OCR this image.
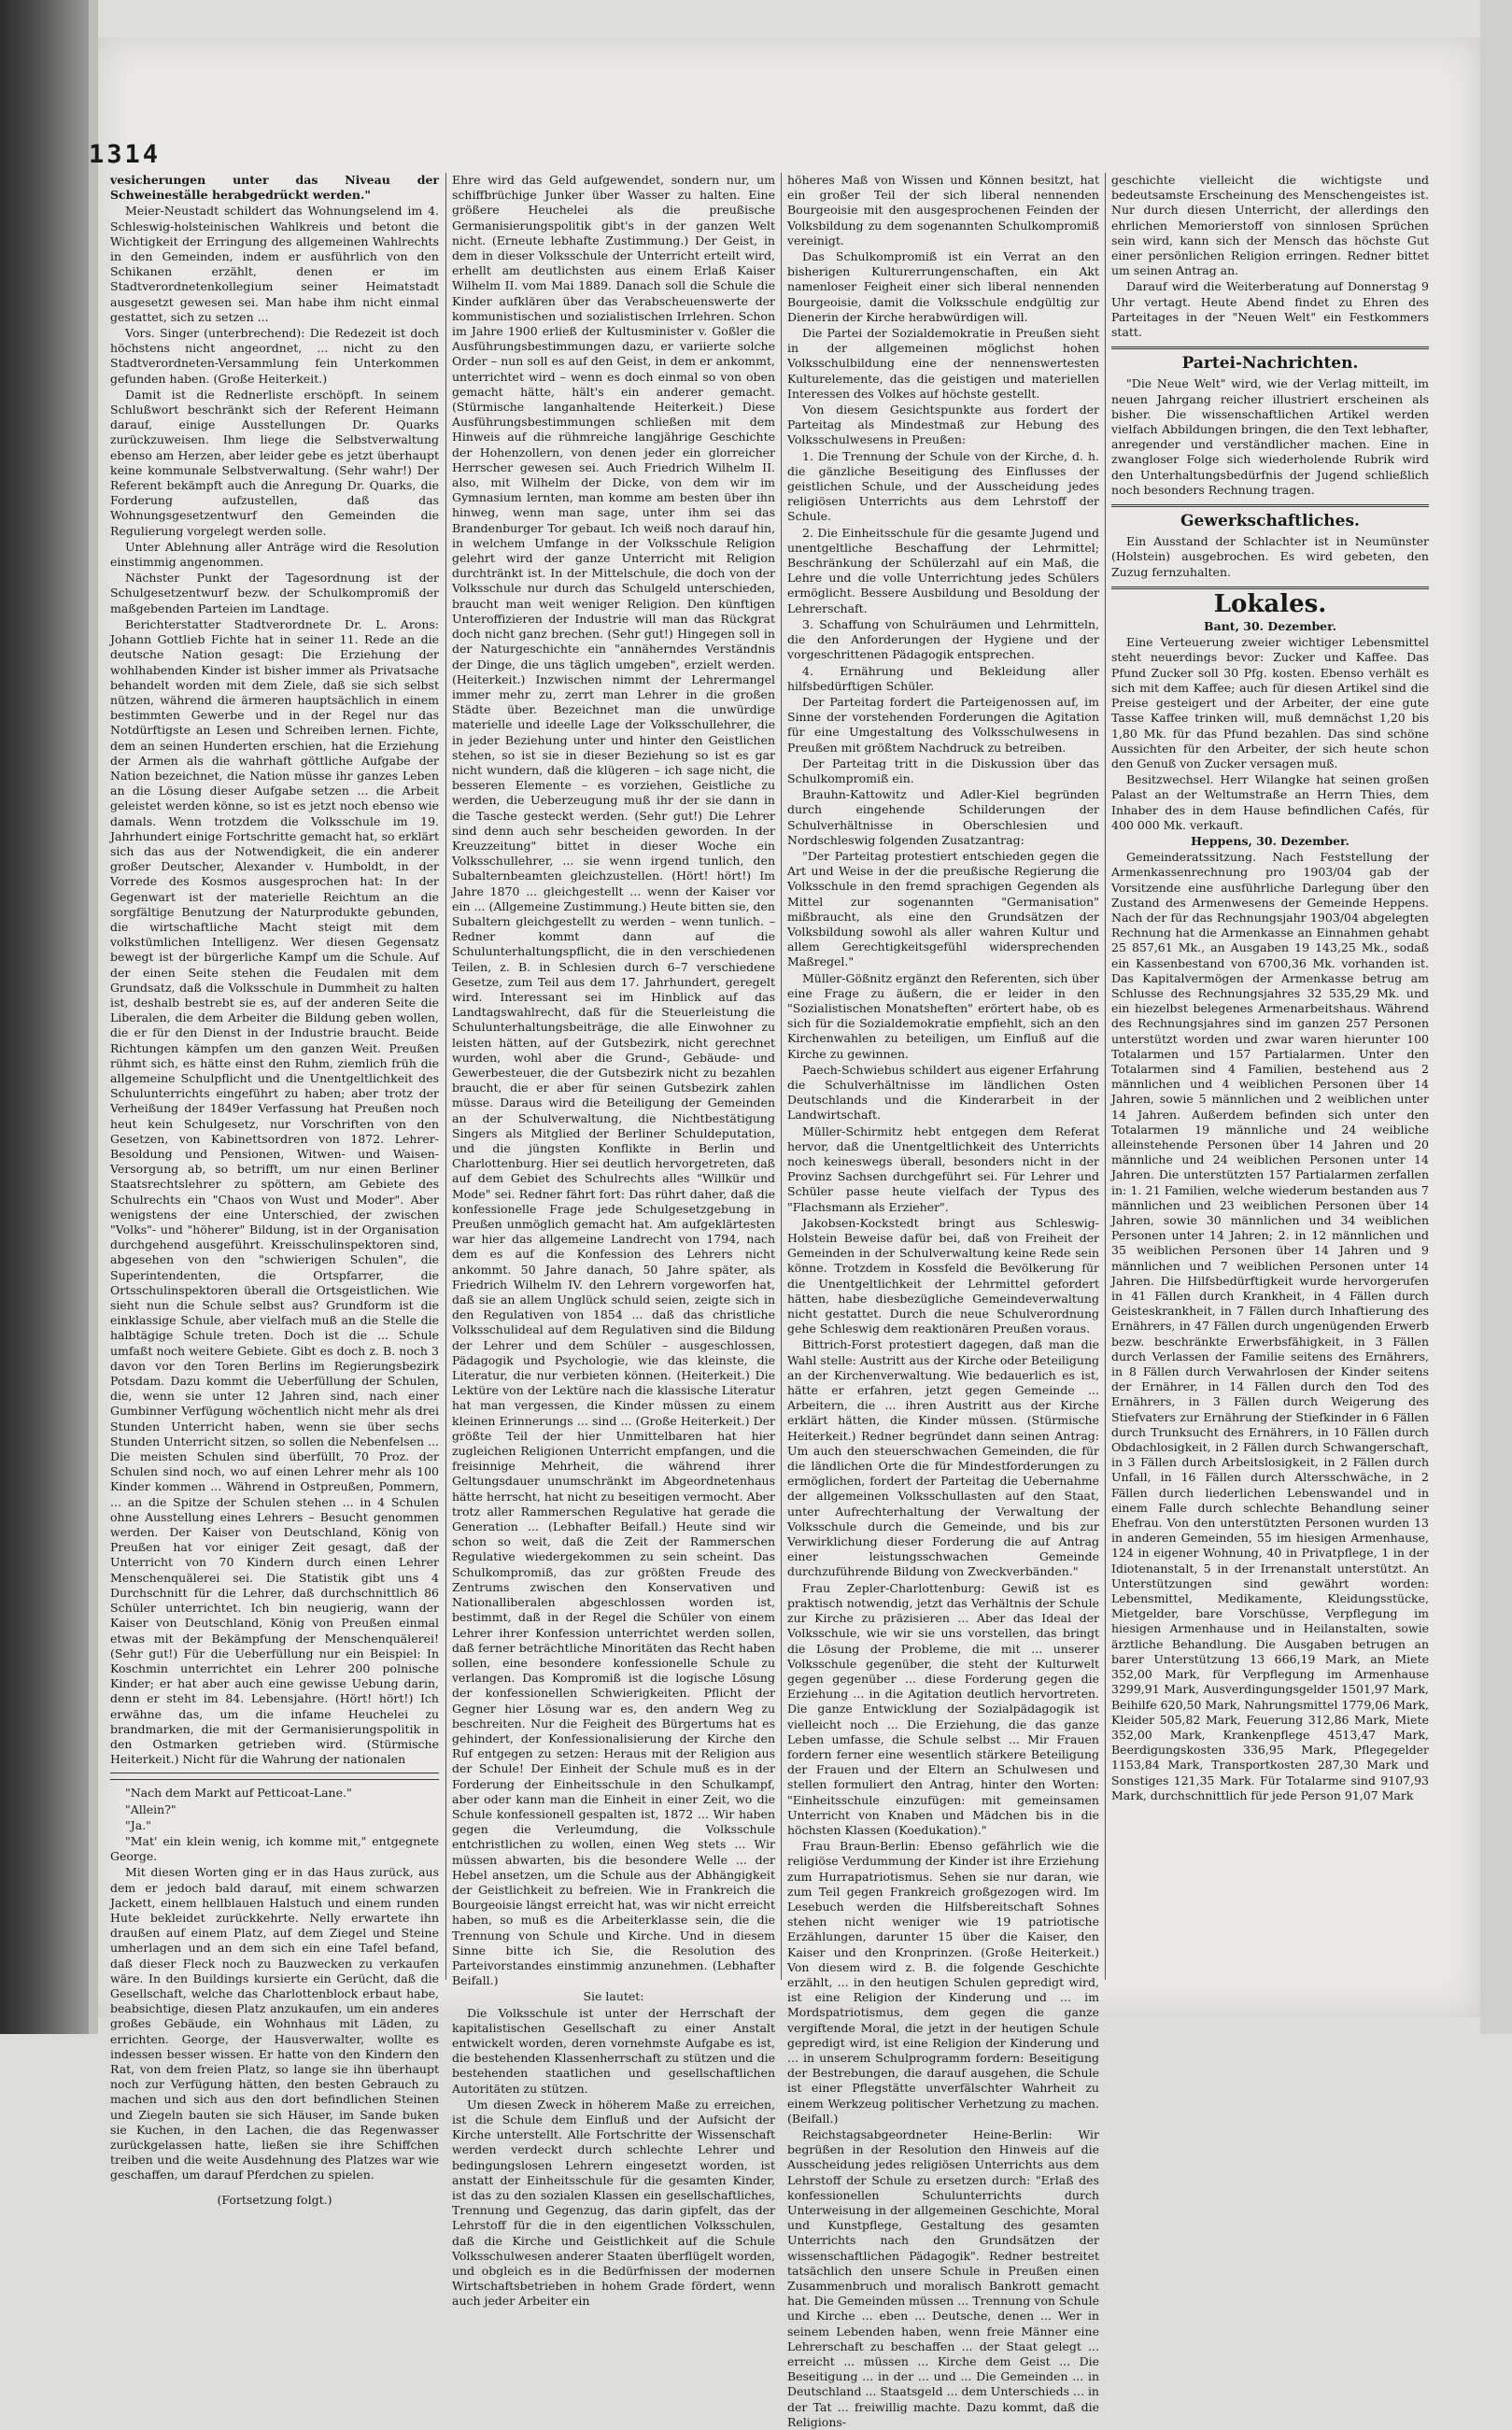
1314

vesicherungen unter das Niveau der Schweineställe herabgedrückt werden."

Meier-Neustadt schildert das Wohnungselend im 4. Schleswig-holsteinischen Wahlkreis und betont die Wichtigkeit der Erringung des allgemeinen Wahlrechts in den Gemeinden, indem er ausführlich von den Schikanen erzählt, denen er im Stadtverordnetenkollegium seiner Heimatstadt ausgesetzt gewesen sei. Man habe ihm nicht einmal gestattet, sich zu setzen ...

Vors. Singer (unterbrechend): Die Redezeit ist doch höchstens nicht angeordnet, ... nicht zu den Stadtverordneten-Versammlung fein Unterkommen gefunden haben. (Große Heiterkeit.)

Damit ist die Rednerliste erschöpft. In seinem Schlußwort beschränkt sich der Referent Heimann darauf, einige Ausstellungen Dr. Quarks zurückzuweisen. Ihm liege die Selbstverwaltung ebenso am Herzen, aber leider gebe es jetzt überhaupt keine kommunale Selbstverwaltung. (Sehr wahr!) Der Referent bekämpft auch die Anregung Dr. Quarks, die Forderung aufzustellen, daß das Wohnungsgesetzentwurf den Gemeinden die Regulierung vorgelegt werden solle.

Unter Ablehnung aller Anträge wird die Resolution einstimmig angenommen.

Nächster Punkt der Tagesordnung ist der Schulgesetzentwurf bezw. der Schulkompromiß der maßgebenden Parteien im Landtage.

Berichterstatter Stadtverordnete Dr. L. Arons: Johann Gottlieb Fichte hat in seiner 11. Rede an die deutsche Nation gesagt: Die Erziehung der wohlhabenden Kinder ist bisher immer als Privatsache behandelt worden mit dem Ziele, daß sie sich selbst nützen, während die ärmeren hauptsächlich in einem bestimmten Gewerbe und in der Regel nur das Notdürftigste an Lesen und Schreiben lernen. Fichte, dem an seinen Hunderten erschien, hat die Erziehung der Armen als die wahrhaft göttliche Aufgabe der Nation bezeichnet, die Nation müsse ihr ganzes Leben an die Lösung dieser Aufgabe setzen ... die Arbeit geleistet werden könne, so ist es jetzt noch ebenso wie damals. Wenn trotzdem die Volksschule im 19. Jahrhundert einige Fortschritte gemacht hat, so erklärt sich das aus der Notwendigkeit, die ein anderer großer Deutscher, Alexander v. Humboldt, in der Vorrede des Kosmos ausgesprochen hat: In der Gegenwart ist der materielle Reichtum an die sorgfältige Benutzung der Naturprodukte gebunden, die wirtschaftliche Macht steigt mit dem volkstümlichen Intelligenz. Wer diesen Gegensatz bewegt ist der bürgerliche Kampf um die Schule. Auf der einen Seite stehen die Feudalen mit dem Grundsatz, daß die Volksschule in Dummheit zu halten ist, deshalb bestrebt sie es, auf der anderen Seite die Liberalen, die dem Arbeiter die Bildung geben wollen, die er für den Dienst in der Industrie braucht. Beide Richtungen kämpfen um den ganzen Weit. Preußen rühmt sich, es hätte einst den Ruhm, ziemlich früh die allgemeine Schulpflicht und die Unentgeltlichkeit des Schulunterrichts eingeführt zu haben; aber trotz der Verheißung der 1849er Verfassung hat Preußen noch heut kein Schulgesetz, nur Vorschriften von den Gesetzen, von Kabinettsordren von 1872. Lehrer-Besoldung und Pensionen, Witwen- und Waisen-Versorgung ab, so betrifft, um nur einen Berliner Staatsrechtslehrer zu spöttern, am Gebiete des Schulrechts ein "Chaos von Wust und Moder". Aber wenigstens der eine Unterschied, der zwischen "Volks"- und "höherer" Bildung, ist in der Organisation durchgehend ausgeführt. Kreisschulinspektoren sind, abgesehen von den "schwierigen Schulen", die Superintendenten, die Ortspfarrer, die Ortsschulinspektoren überall die Ortsgeistlichen. Wie sieht nun die Schule selbst aus? Grundform ist die einklassige Schule, aber vielfach muß an die Stelle die halbtägige Schule treten. Doch ist die ... Schule umfaßt noch weitere Gebiete. Gibt es doch z. B. noch 3 davon vor den Toren Berlins im Regierungsbezirk Potsdam. Dazu kommt die Ueberfüllung der Schulen, die, wenn sie unter 12 Jahren sind, nach einer Gumbinner Verfügung wöchentlich nicht mehr als drei Stunden Unterricht haben, wenn sie über sechs Stunden Unterricht sitzen, so sollen die Nebenfelsen ... Die meisten Schulen sind überfüllt, 70 Proz. der Schulen sind noch, wo auf einen Lehrer mehr als 100 Kinder kommen ... Während in Ostpreußen, Pommern, ... an die Spitze der Schulen stehen ... in 4 Schulen ohne Ausstellung eines Lehrers – Besucht genommen werden. Der Kaiser von Deutschland, König von Preußen hat vor einiger Zeit gesagt, daß der Unterricht von 70 Kindern durch einen Lehrer Menschenquälerei sei. Die Statistik gibt uns 4 Durchschnitt für die Lehrer, daß durchschnittlich 86 Schüler unterrichtet. Ich bin neugierig, wann der Kaiser von Deutschland, König von Preußen einmal etwas mit der Bekämpfung der Menschenquälerei! (Sehr gut!) Für die Ueberfüllung nur ein Beispiel: In Koschmin unterrichtet ein Lehrer 200 polnische Kinder; er hat aber auch eine gewisse Uebung darin, denn er steht im 84. Lebensjahre. (Hört! hört!) Ich erwähne das, um die infame Heuchelei zu brandmarken, die mit der Germanisierungspolitik in den Ostmarken getrieben wird. (Stürmische Heiterkeit.) Nicht für die Wahrung der nationalen

"Nach dem Markt auf Petticoat-Lane."

"Allein?"

"Ja."

"Mat' ein klein wenig, ich komme mit," entgegnete George.

Mit diesen Worten ging er in das Haus zurück, aus dem er jedoch bald darauf, mit einem schwarzen Jackett, einem hellblauen Halstuch und einem runden Hute bekleidet zurückkehrte. Nelly erwartete ihn draußen auf einem Platz, auf dem Ziegel und Steine umherlagen und an dem sich ein eine Tafel befand, daß dieser Fleck noch zu Bauzwecken zu verkaufen wäre. In den Buildings kursierte ein Gerücht, daß die Gesellschaft, welche das Charlottenblock erbaut habe, beabsichtige, diesen Platz anzukaufen, um ein anderes großes Gebäude, ein Wohnhaus mit Läden, zu errichten. George, der Hausverwalter, wollte es indessen besser wissen. Er hatte von den Kindern den Rat, von dem freien Platz, so lange sie ihn überhaupt noch zur Verfügung hätten, den besten Gebrauch zu machen und sich aus den dort befindlichen Steinen und Ziegeln bauten sie sich Häuser, im Sande buken sie Kuchen, in den Lachen, die das Regenwasser zurückgelassen hatte, ließen sie ihre Schiffchen treiben und die weite Ausdehnung des Platzes war wie geschaffen, um darauf Pferdchen zu spielen.

(Fortsetzung folgt.)

Ehre wird das Geld aufgewendet, sondern nur, um schiffbrüchige Junker über Wasser zu halten. Eine größere Heuchelei als die preußische Germanisierungspolitik gibt's in der ganzen Welt nicht. (Erneute lebhafte Zustimmung.) Der Geist, in dem in dieser Volksschule der Unterricht erteilt wird, erhellt am deutlichsten aus einem Erlaß Kaiser Wilhelm II. vom Mai 1889. Danach soll die Schule die Kinder aufklären über das Verabscheuenswerte der kommunistischen und sozialistischen Irrlehren. Schon im Jahre 1900 erließ der Kultusminister v. Goßler die Ausführungsbestimmungen dazu, er variierte solche Order – nun soll es auf den Geist, in dem er ankommt, unterrichtet wird – wenn es doch einmal so von oben gemacht hätte, hält's ein anderer gemacht. (Stürmische langanhaltende Heiterkeit.) Diese Ausführungsbestimmungen schließen mit dem Hinweis auf die rühmreiche langjährige Geschichte der Hohenzollern, von denen jeder ein glorreicher Herrscher gewesen sei. Auch Friedrich Wilhelm II. also, mit Wilhelm der Dicke, von dem wir im Gymnasium lernten, man komme am besten über ihn hinweg, wenn man sage, unter ihm sei das Brandenburger Tor gebaut. Ich weiß noch darauf hin, in welchem Umfange in der Volksschule Religion gelehrt wird der ganze Unterricht mit Religion durchtränkt ist. In der Mittelschule, die doch von der Volksschule nur durch das Schulgeld unterschieden, braucht man weit weniger Religion. Den künftigen Unteroffizieren der Industrie will man das Rückgrat doch nicht ganz brechen. (Sehr gut!) Hingegen soll in der Naturgeschichte ein "annäherndes Verständnis der Dinge, die uns täglich umgeben", erzielt werden. (Heiterkeit.) Inzwischen nimmt der Lehrermangel immer mehr zu, zerrt man Lehrer in die großen Städte über. Bezeichnet man die unwürdige materielle und ideelle Lage der Volksschullehrer, die in jeder Beziehung unter und hinter den Geistlichen stehen, so ist sie in dieser Beziehung so ist es gar nicht wundern, daß die klügeren – ich sage nicht, die besseren Elemente – es vorziehen, Geistliche zu werden, die Ueberzeugung muß ihr der sie dann in die Tasche gesteckt werden. (Sehr gut!) Die Lehrer sind denn auch sehr bescheiden geworden. In der Kreuzzeitung" bittet in dieser Woche ein Volksschullehrer, ... sie wenn irgend tunlich, den Subalternbeamten gleichzustellen. (Hört! hört!) Im Jahre 1870 ... gleichgestellt ... wenn der Kaiser vor ein ... (Allgemeine Zustimmung.) Heute bitten sie, den Subaltern gleichgestellt zu werden – wenn tunlich. – Redner kommt dann auf die Schulunterhaltungspflicht, die in den verschiedenen Teilen, z. B. in Schlesien durch 6–7 verschiedene Gesetze, zum Teil aus dem 17. Jahrhundert, geregelt wird. Interessant sei im Hinblick auf das Landtagswahlrecht, daß für die Steuerleistung die Schulunterhaltungsbeiträge, die alle Einwohner zu leisten hätten, auf der Gutsbezirk, nicht gerechnet wurden, wohl aber die Grund-, Gebäude- und Gewerbesteuer, die der Gutsbezirk nicht zu bezahlen braucht, die er aber für seinen Gutsbezirk zahlen müsse. Daraus wird die Beteiligung der Gemeinden an der Schulverwaltung, die Nichtbestätigung Singers als Mitglied der Berliner Schuldeputation, und die jüngsten Konflikte in Berlin und Charlottenburg. Hier sei deutlich hervorgetreten, daß auf dem Gebiet des Schulrechts alles "Willkür und Mode" sei. Redner fährt fort: Das rührt daher, daß die konfessionelle Frage jede Schulgesetzgebung in Preußen unmöglich gemacht hat. Am aufgeklärtesten war hier das allgemeine Landrecht von 1794, nach dem es auf die Konfession des Lehrers nicht ankommt. 50 Jahre danach, 50 Jahre später, als Friedrich Wilhelm IV. den Lehrern vorgeworfen hat, daß sie an allem Unglück schuld seien, zeigte sich in den Regulativen von 1854 ... daß das christliche Volksschulideal auf dem Regulativen sind die Bildung der Lehrer und dem Schüler – ausgeschlossen, Pädagogik und Psychologie, wie das kleinste, die Literatur, die nur verbieten können. (Heiterkeit.) Die Lektüre von der Lektüre nach die klassische Literatur hat man vergessen, die Kinder müssen zu einem kleinen Erinnerungs ... sind ... (Große Heiterkeit.) Der größte Teil der hier Unmittelbaren hat hier zugleichen Religionen Unterricht empfangen, und die freisinnige Mehrheit, die während ihrer Geltungsdauer unumschränkt im Abgeordnetenhaus hätte herrscht, hat nicht zu beseitigen vermocht. Aber trotz aller Rammerschen Regulative hat gerade die Generation ... (Lebhafter Beifall.) Heute sind wir schon so weit, daß die Zeit der Rammerschen Regulative wiedergekommen zu sein scheint. Das Schulkompromiß, das zur größten Freude des Zentrums zwischen den Konservativen und Nationalliberalen abgeschlossen worden ist, bestimmt, daß in der Regel die Schüler von einem Lehrer ihrer Konfession unterrichtet werden sollen, daß ferner beträchtliche Minoritäten das Recht haben sollen, eine besondere konfessionelle Schule zu verlangen. Das Kompromiß ist die logische Lösung der konfessionellen Schwierigkeiten. Pflicht der Gegner hier Lösung war es, den andern Weg zu beschreiten. Nur die Feigheit des Bürgertums hat es gehindert, der Konfessionalisierung der Kirche den Ruf entgegen zu setzen: Heraus mit der Religion aus der Schule! Der Einheit der Schule muß es in der Forderung der Einheitsschule in den Schulkampf, aber oder kann man die Einheit in einer Zeit, wo die Schule konfessionell gespalten ist, 1872 ... Wir haben gegen die Verleumdung, die Volksschule entchristlichen zu wollen, einen Weg stets ... Wir müssen abwarten, bis die besondere Welle ... der Hebel ansetzen, um die Schule aus der Abhängigkeit der Geistlichkeit zu befreien. Wie in Frankreich die Bourgeoisie längst erreicht hat, was wir nicht erreicht haben, so muß es die Arbeiterklasse sein, die die Trennung von Schule und Kirche. Und in diesem Sinne bitte ich Sie, die Resolution des Parteivorstandes einstimmig anzunehmen. (Lebhafter Beifall.)

Sie lautet:

Die Volksschule ist unter der Herrschaft der kapitalistischen Gesellschaft zu einer Anstalt entwickelt worden, deren vornehmste Aufgabe es ist, die bestehenden Klassenherrschaft zu stützen und die bestehenden staatlichen und gesellschaftlichen Autoritäten zu stützen.

Um diesen Zweck in höherem Maße zu erreichen, ist die Schule dem Einfluß und der Aufsicht der Kirche unterstellt. Alle Fortschritte der Wissenschaft werden verdeckt durch schlechte Lehrer und bedingungslosen Lehrern eingesetzt worden, ist anstatt der Einheitsschule für die gesamten Kinder, ist das zu den sozialen Klassen ein gesellschaftliches, Trennung und Gegenzug, das darin gipfelt, das der Lehrstoff für die in den eigentlichen Volksschulen, daß die Kirche und Geistlichkeit auf die Schule Volksschulwesen anderer Staaten überflügelt worden, und obgleich es in die Bedürfnissen der modernen Wirtschaftsbetrieben in hohem Grade fördert, wenn auch jeder Arbeiter ein

höheres Maß von Wissen und Können besitzt, hat ein großer Teil der sich liberal nennenden Bourgeoisie mit den ausgesprochenen Feinden der Volksbildung zu dem sogenannten Schulkompromiß vereinigt.

Das Schulkompromiß ist ein Verrat an den bisherigen Kulturerrungenschaften, ein Akt namenloser Feigheit einer sich liberal nennenden Bourgeoisie, damit die Volksschule endgültig zur Dienerin der Kirche herabwürdigen will.

Die Partei der Sozialdemokratie in Preußen sieht in der allgemeinen möglichst hohen Volksschulbildung eine der nennenswertesten Kulturelemente, das die geistigen und materiellen Interessen des Volkes auf höchste gestellt.

Von diesem Gesichtspunkte aus fordert der Parteitag als Mindestmaß zur Hebung des Volksschulwesens in Preußen:

1. Die Trennung der Schule von der Kirche, d. h. die gänzliche Beseitigung des Einflusses der geistlichen Schule, und der Ausscheidung jedes religiösen Unterrichts aus dem Lehrstoff der Schule.

2. Die Einheitsschule für die gesamte Jugend und unentgeltliche Beschaffung der Lehrmittel; Beschränkung der Schülerzahl auf ein Maß, die Lehre und die volle Unterrichtung jedes Schülers ermöglicht. Bessere Ausbildung und Besoldung der Lehrerschaft.

3. Schaffung von Schulräumen und Lehrmitteln, die den Anforderungen der Hygiene und der vorgeschrittenen Pädagogik entsprechen.

4. Ernährung und Bekleidung aller hilfsbedürftigen Schüler.

Der Parteitag fordert die Parteigenossen auf, im Sinne der vorstehenden Forderungen die Agitation für eine Umgestaltung des Volksschulwesens in Preußen mit größtem Nachdruck zu betreiben.

Der Parteitag tritt in die Diskussion über das Schulkompromiß ein.

Brauhn-Kattowitz und Adler-Kiel begründen durch eingehende Schilderungen der Schulverhältnisse in Oberschlesien und Nordschleswig folgenden Zusatzantrag:

"Der Parteitag protestiert entschieden gegen die Art und Weise in der die preußische Regierung die Volksschule in den fremd sprachigen Gegenden als Mittel zur sogenannten "Germanisation" mißbraucht, als eine den Grundsätzen der Volksbildung sowohl als aller wahren Kultur und allem Gerechtigkeitsgefühl widersprechenden Maßregel."

Müller-Gößnitz ergänzt den Referenten, sich über eine Frage zu äußern, die er leider in den "Sozialistischen Monatsheften" erörtert habe, ob es sich für die Sozialdemokratie empfiehlt, sich an den Kirchenwahlen zu beteiligen, um Einfluß auf die Kirche zu gewinnen.

Paech-Schwiebus schildert aus eigener Erfahrung die Schulverhältnisse im ländlichen Osten Deutschlands und die Kinderarbeit in der Landwirtschaft.

Müller-Schirmitz hebt entgegen dem Referat hervor, daß die Unentgeltlichkeit des Unterrichts noch keineswegs überall, besonders nicht in der Provinz Sachsen durchgeführt sei. Für Lehrer und Schüler passe heute vielfach der Typus des "Flachsmann als Erzieher".

Jakobsen-Kockstedt bringt aus Schleswig-Holstein Beweise dafür bei, daß von Freiheit der Gemeinden in der Schulverwaltung keine Rede sein könne. Trotzdem in Kossfeld die Bevölkerung für die Unentgeltlichkeit der Lehrmittel gefordert hätten, habe diesbezügliche Gemeindeverwaltung nicht gestattet. Durch die neue Schulverordnung gehe Schleswig dem reaktionären Preußen voraus.

Bittrich-Forst protestiert dagegen, daß man die Wahl stelle: Austritt aus der Kirche oder Beteiligung an der Kirchenverwaltung. Wie bedauerlich es ist, hätte er erfahren, jetzt gegen Gemeinde ... Arbeitern, die ... ihren Austritt aus der Kirche erklärt hätten, die Kinder müssen. (Stürmische Heiterkeit.) Redner begründet dann seinen Antrag: Um auch den steuerschwachen Gemeinden, die für die ländlichen Orte die für Mindestforderungen zu ermöglichen, fordert der Parteitag die Uebernahme der allgemeinen Volksschullasten auf den Staat, unter Aufrechterhaltung der Verwaltung der Volksschule durch die Gemeinde, und bis zur Verwirklichung dieser Forderung die auf Antrag einer leistungsschwachen Gemeinde durchzuführende Bildung von Zweckverbänden."

Frau Zepler-Charlottenburg: Gewiß ist es praktisch notwendig, jetzt das Verhältnis der Schule zur Kirche zu präzisieren ... Aber das Ideal der Volksschule, wie wir sie uns vorstellen, das bringt die Lösung der Probleme, die mit ... unserer Volksschule gegenüber, die steht der Kulturwelt gegen gegenüber ... diese Forderung gegen die Erziehung ... in die Agitation deutlich hervortreten. Die ganze Entwicklung der Sozialpädagogik ist vielleicht noch ... Die Erziehung, die das ganze Leben umfasse, die Schule selbst ... Mir Frauen fordern ferner eine wesentlich stärkere Beteiligung der Frauen und der Eltern an Schulwesen und stellen formuliert den Antrag, hinter den Worten: "Einheitsschule einzufügen: mit gemeinsamen Unterricht von Knaben und Mädchen bis in die höchsten Klassen (Koedukation)."

Frau Braun-Berlin: Ebenso gefährlich wie die religiöse Verdummung der Kinder ist ihre Erziehung zum Hurrapatriotismus. Sehen sie nur daran, wie zum Teil gegen Frankreich großgezogen wird. Im Lesebuch werden die Hilfsbereitschaft Sohnes stehen nicht weniger wie 19 patriotische Erzählungen, darunter 15 über die Kaiser, den Kaiser und den Kronprinzen. (Große Heiterkeit.) Von diesem wird z. B. die folgende Geschichte erzählt, ... in den heutigen Schulen gepredigt wird, ist eine Religion der Kinderung und ... im Mordspatriotismus, dem gegen die ganze vergiftende Moral, die jetzt in der heutigen Schule gepredigt wird, ist eine Religion der Kinderung und ... in unserem Schulprogramm fordern: Beseitigung der Bestrebungen, die darauf ausgehen, die Schule ist einer Pflegstätte unverfälschter Wahrheit zu einem Werkzeug politischer Verhetzung zu machen. (Beifall.)

Reichstagsabgeordneter Heine-Berlin: Wir begrüßen in der Resolution den Hinweis auf die Ausscheidung jedes religiösen Unterrichts aus dem Lehrstoff der Schule zu ersetzen durch: "Erlaß des konfessionellen Schulunterrichts durch Unterweisung in der allgemeinen Geschichte, Moral und Kunstpflege, Gestaltung des gesamten Unterrichts nach den Grundsätzen der wissenschaftlichen Pädagogik". Redner bestreitet tatsächlich den unsere Schule in Preußen einen Zusammenbruch und moralisch Bankrott gemacht hat. Die Gemeinden müssen ... Trennung von Schule und Kirche ... eben ... Deutsche, denen ... Wer in seinem Lebenden haben, wenn freie Männer eine Lehrerschaft zu beschaffen ... der Staat gelegt ... erreicht ... müssen ... Kirche dem Geist ... Die Beseitigung ... in der ... und ... Die Gemeinden ... in Deutschland ... Staatsgeld ... dem Unterschieds ... in der Tat ... freiwillig machte. Dazu kommt, daß die Religions-

geschichte vielleicht die wichtigste und bedeutsamste Erscheinung des Menschengeistes ist. Nur durch diesen Unterricht, der allerdings den ehrlichen Memorierstoff von sinnlosen Sprüchen sein wird, kann sich der Mensch das höchste Gut einer persönlichen Religion erringen. Redner bittet um seinen Antrag an.

Darauf wird die Weiterberatung auf Donnerstag 9 Uhr vertagt. Heute Abend findet zu Ehren des Parteitages in der "Neuen Welt" ein Festkommers statt.

Partei-Nachrichten.

"Die Neue Welt" wird, wie der Verlag mitteilt, im neuen Jahrgang reicher illustriert erscheinen als bisher. Die wissenschaftlichen Artikel werden vielfach Abbildungen bringen, die den Text lebhafter, anregender und verständlicher machen. Eine in zwangloser Folge sich wiederholende Rubrik wird den Unterhaltungsbedürfnis der Jugend schließlich noch besonders Rechnung tragen.

Gewerkschaftliches.

Ein Ausstand der Schlachter ist in Neumünster (Holstein) ausgebrochen. Es wird gebeten, den Zuzug fernzuhalten.

Lokales.

Bant, 30. Dezember.

Eine Verteuerung zweier wichtiger Lebensmittel steht neuerdings bevor: Zucker und Kaffee. Das Pfund Zucker soll 30 Pfg. kosten. Ebenso verhält es sich mit dem Kaffee; auch für diesen Artikel sind die Preise gesteigert und der Arbeiter, der eine gute Tasse Kaffee trinken will, muß demnächst 1,20 bis 1,80 Mk. für das Pfund bezahlen. Das sind schöne Aussichten für den Arbeiter, der sich heute schon den Genuß von Zucker versagen muß.

Besitzwechsel. Herr Wilangke hat seinen großen Palast an der Weltumstraße an Herrn Thies, dem Inhaber des in dem Hause befindlichen Cafés, für 400 000 Mk. verkauft.

Heppens, 30. Dezember.

Gemeinderatssitzung. Nach Feststellung der Armenkassenrechnung pro 1903/04 gab der Vorsitzende eine ausführliche Darlegung über den Zustand des Armenwesens der Gemeinde Heppens. Nach der für das Rechnungsjahr 1903/04 abgelegten Rechnung hat die Armenkasse an Einnahmen gehabt 25 857,61 Mk., an Ausgaben 19 143,25 Mk., sodaß ein Kassenbestand von 6700,36 Mk. vorhanden ist. Das Kapitalvermögen der Armenkasse betrug am Schlusse des Rechnungsjahres 32 535,29 Mk. und ein hiezelbst belegenes Armenarbeitshaus. Während des Rechnungsjahres sind im ganzen 257 Personen unterstützt worden und zwar waren hierunter 100 Totalarmen und 157 Partialarmen. Unter den Totalarmen sind 4 Familien, bestehend aus 2 männlichen und 4 weiblichen Personen über 14 Jahren, sowie 5 männlichen und 2 weiblichen unter 14 Jahren. Außerdem befinden sich unter den Totalarmen 19 männliche und 24 weibliche alleinstehende Personen über 14 Jahren und 20 männliche und 24 weiblichen Personen unter 14 Jahren. Die unterstützten 157 Partialarmen zerfallen in: 1. 21 Familien, welche wiederum bestanden aus 7 männlichen und 23 weiblichen Personen über 14 Jahren, sowie 30 männlichen und 34 weiblichen Personen unter 14 Jahren; 2. in 12 männlichen und 35 weiblichen Personen über 14 Jahren und 9 männlichen und 7 weiblichen Personen unter 14 Jahren. Die Hilfsbedürftigkeit wurde hervorgerufen in 41 Fällen durch Krankheit, in 4 Fällen durch Geisteskrankheit, in 7 Fällen durch Inhaftierung des Ernährers, in 47 Fällen durch ungenügenden Erwerb bezw. beschränkte Erwerbsfähigkeit, in 3 Fällen durch Verlassen der Familie seitens des Ernährers, in 8 Fällen durch Verwahrlosen der Kinder seitens der Ernährer, in 14 Fällen durch den Tod des Ernährers, in 3 Fällen durch Weigerung des Stiefvaters zur Ernährung der Stiefkinder in 6 Fällen durch Trunksucht des Ernährers, in 10 Fällen durch Obdachlosigkeit, in 2 Fällen durch Schwangerschaft, in 3 Fällen durch Arbeitslosigkeit, in 2 Fällen durch Unfall, in 16 Fällen durch Altersschwäche, in 2 Fällen durch liederlichen Lebenswandel und in einem Falle durch schlechte Behandlung seiner Ehefrau. Von den unterstützten Personen wurden 13 in anderen Gemeinden, 55 im hiesigen Armenhause, 124 in eigener Wohnung, 40 in Privatpflege, 1 in der Idiotenanstalt, 5 in der Irrenanstalt unterstützt. An Unterstützungen sind gewährt worden: Lebensmittel, Medikamente, Kleidungsstücke, Mietgelder, bare Vorschüsse, Verpflegung im hiesigen Armenhause und in Heilanstalten, sowie ärztliche Behandlung. Die Ausgaben betrugen an barer Unterstützung 13 666,19 Mark, an Miete 352,00 Mark, für Verpflegung im Armenhause 3299,91 Mark, Ausverdingungsgelder 1501,97 Mark, Beihilfe 620,50 Mark, Nahrungsmittel 1779,06 Mark, Kleider 505,82 Mark, Feuerung 312,86 Mark, Miete 352,00 Mark, Krankenpflege 4513,47 Mark, Beerdigungskosten 336,95 Mark, Pflegegelder 1153,84 Mark, Transportkosten 287,30 Mark und Sonstiges 121,35 Mark. Für Totalarme sind 9107,93 Mark, durchschnittlich für jede Person 91,07 Mark
